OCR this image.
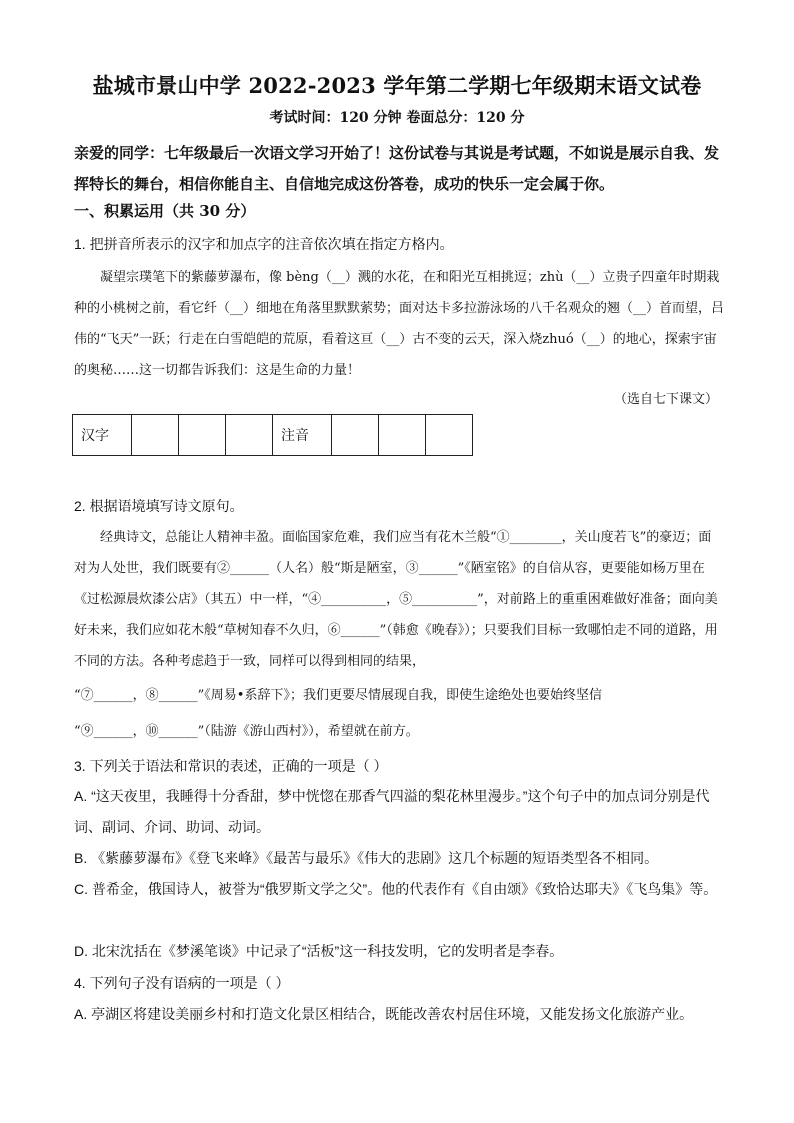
盐城市景山中学 2022-2023 学年第二学期七年级期末语文试卷
考试时间：120 分钟 卷面总分：120 分
亲爱的同学：七年级最后一次语文学习开始了！这份试卷与其说是考试题，不如说是展示自我、发挥特长的舞台，相信你能自主、自信地完成这份答卷，成功的快乐一定会属于你。
一、积累运用（共 30 分）
1. 把拼音所表示的汉字和加点字的注音依次填在指定方格内。
凝望宗璞笔下的紫藤萝瀑布，像 bèng（__）溅的水花，在和阳光互相挑逗；zhù（__）立贵子四童年时期栽种的小桃树之前，看它纤（__）细地在角落里默默萦势；面对达卡多拉游泳场的八千名观众的翘（__）首而望，吕伟的“飞天”一跃；行走在白雪皑皑的荒原，看着这亘（__）古不变的云天，深入烧zhuó（__）的地心，探索宇宙的奥秘……这一切都告诉我们：这是生命的力量！
（选自七下课文）
汉字				注音			
2. 根据语境填写诗文原句。
经典诗文，总能让人精神丰盈。面临国家危难，我们应当有花木兰般“①________，关山度若飞”的豪迈；面对为人处世，我们既要有②______（人名）般“斯是陋室，③______”《陋室铭》的自信从容，更要能如杨万里在《过松源晨炊漆公店》（其五）中一样，“④__________，⑤__________”，对前路上的重重困难做好准备；面向美好未来，我们应如花木般“草树知春不久归，⑥______”（韩愈《晚春》）；只要我们目标一致哪怕走不同的道路，用不同的方法。各种考虑趋于一致，同样可以得到相同的结果，
“⑦______，⑧______”《周易•系辞下》；我们更要尽情展现自我，即使生途绝处也要始终坚信
“⑨______，⑩______”（陆游《游山西村》），希望就在前方。
3. 下列关于语法和常识的表述，正确的一项是（ ）
A. “这天夜里，我睡得十分香甜，梦中恍惚在那香气四溢的梨花林里漫步。”这个句子中的加点词分别是代词、副词、介词、助词、动词。
B. 《紫藤萝瀑布》《登飞来峰》《最苦与最乐》《伟大的悲剧》这几个标题的短语类型各不相同。
C. 普希金，俄国诗人，被誉为“俄罗斯文学之父”。他的代表作有《自由颂》《致恰达耶夫》《飞鸟集》等。
D. 北宋沈括在《梦溪笔谈》中记录了“活板”这一科技发明，它的发明者是李春。
4. 下列句子没有语病的一项是（ ）
A. 亭湖区将建设美丽乡村和打造文化景区相结合，既能改善农村居住环境，又能发扬文化旅游产业。
